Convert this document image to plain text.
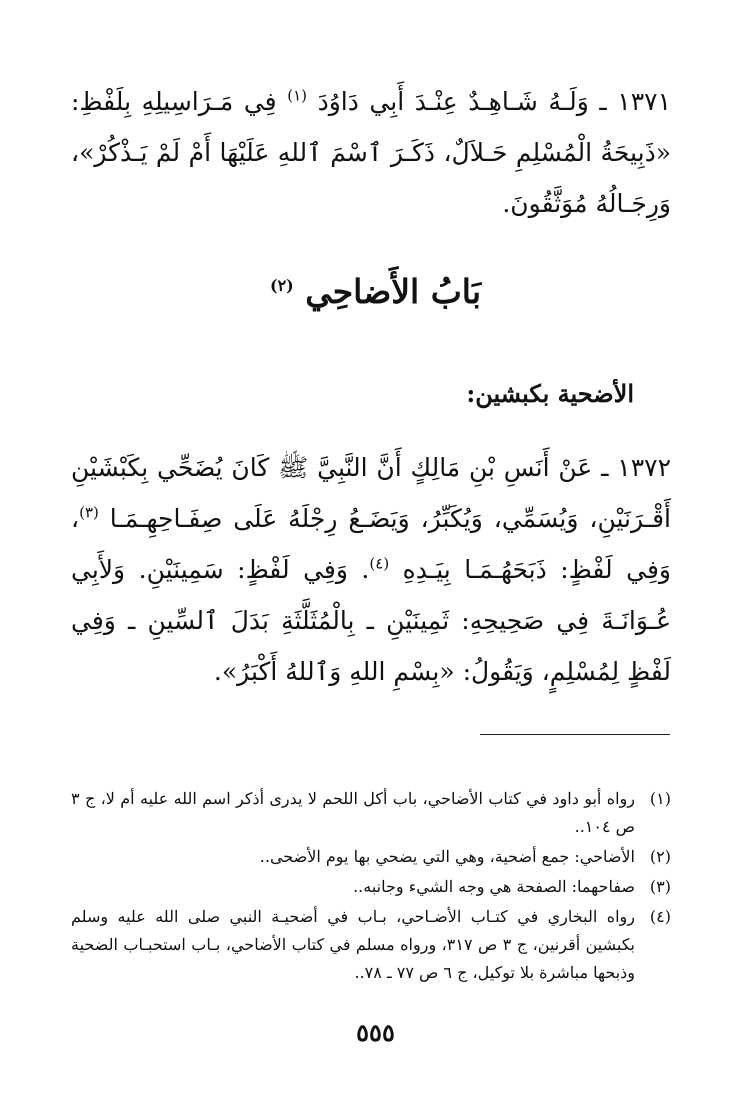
١٣٧١ ـ وَلَـهُ شَـاهِـدٌ عِنْـدَ أَبِي دَاوُدَ $^{(١)}$ فِي مَـرَاسِيلِهِ بِلَفْظِ: «ذَبِيحَةُ الْمُسْلِمِ حَـلاَلٌ، ذَكَـرَ ٱسْمَ ٱللهِ عَلَيْهَا أَمْ لَمْ يَـذْكُرْ»، وَرِجَـالُهُ مُوَثَّقُونَ.

بَابُ الأَضاحِي $^{(٢)}$
الأضحية بكبشين:

١٣٧٢ ـ عَنْ أَنَسِ بْنِ مَالِكٍ أَنَّ النَّبِيَّ ﷺ كَانَ يُضَحِّي بِكَبْشَيْنِ أَقْـرَنَيْنِ، وَيُسَمِّي، وَيُكَبِّرُ، وَيَضَـعُ رِجْلَهُ عَلَى صِفَـاحِهِـمَـا $^{(٣)}$، وَفِي لَفْظٍ: ذَبَحَهُـمَـا بِيَـدِهِ $^{(٤)}$. وَفِي لَفْظٍ: سَمِينَيْنِ. وَلأَبِي عُـوَانَـةَ فِي صَحِيحِهِ: ثَمِينَيْنِ ـ بِالْمُثَلَّثَةِ بَدَلَ ٱلسِّينِ ـ وَفِي لَفْظٍ لِمُسْلِمٍ، وَيَقُولُ: «بِسْمِ اللهِ وَٱللهُ أَكْبَرُ».

(١)
رواه أبو داود في كتاب الأضاحي، باب أكل اللحم لا يدرى أذكر اسم الله عليه أم لا، ج ٣ ص ١٠٤..
(٢)
الأضاحي: جمع أضحية، وهي التي يضحي بها يوم الأضحى..
(٣)
صفاحهما: الصفحة هي وجه الشيء وجانبه..
(٤)
رواه البخاري في كتـاب الأضـاحي، بـاب في أضحيـة النبي صلى الله عليه وسلم بكبشين أقرنين، ج ٣ ص ٣١٧، ورواه مسلم في كتاب الأضاحي، بـاب استحبـاب الضحية وذبحها مباشرة بلا توكيل، ج ٦ ص ٧٧ ـ ٧٨..
٥٥٥
